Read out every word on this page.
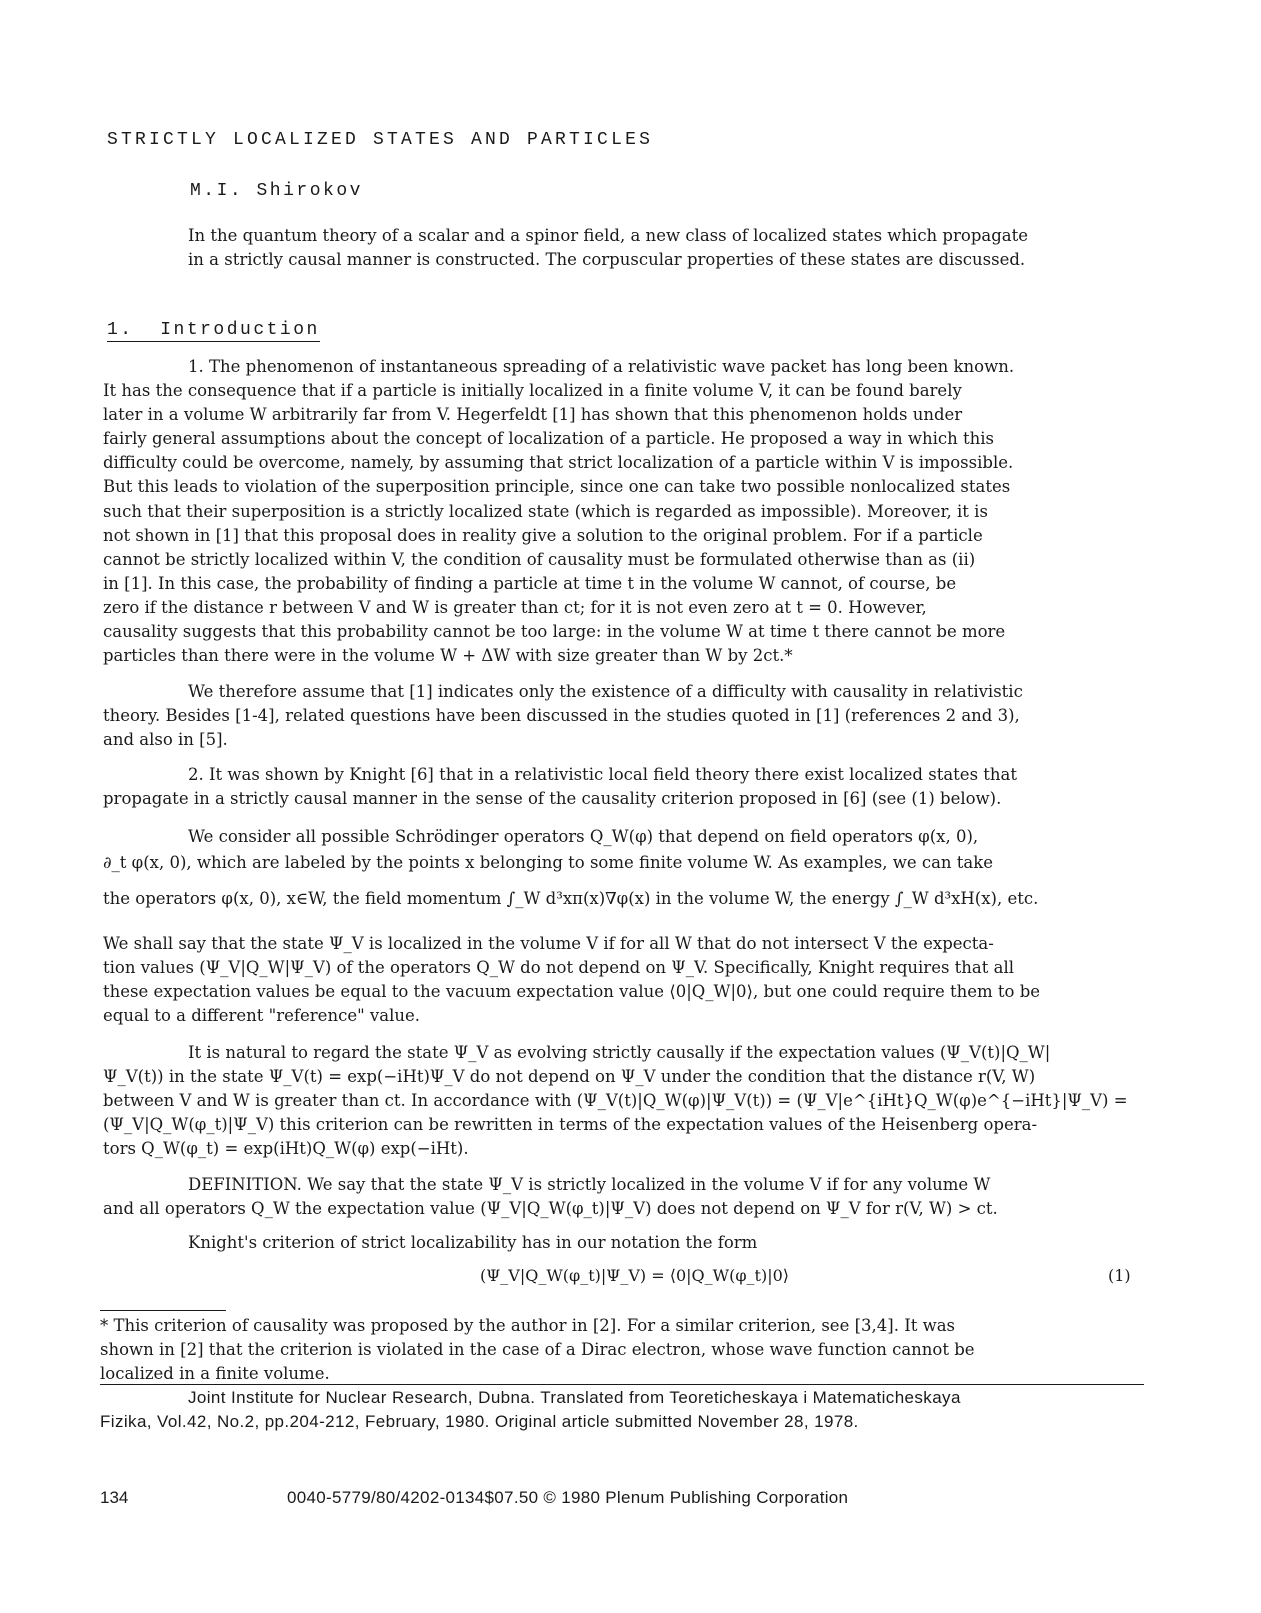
STRICTLY LOCALIZED STATES AND PARTICLES
M.I. Shirokov
In the quantum theory of a scalar and a spinor field, a new class of localized states which propagate in a strictly causal manner is constructed. The corpuscular properties of these states are discussed.
1. Introduction
1. The phenomenon of instantaneous spreading of a relativistic wave packet has long been known.
It has the consequence that if a particle is initially localized in a finite volume V, it can be found barely
later in a volume W arbitrarily far from V. Hegerfeldt [1] has shown that this phenomenon holds under
fairly general assumptions about the concept of localization of a particle. He proposed a way in which this
difficulty could be overcome, namely, by assuming that strict localization of a particle within V is impossible.
But this leads to violation of the superposition principle, since one can take two possible nonlocalized states
such that their superposition is a strictly localized state (which is regarded as impossible). Moreover, it is
not shown in [1] that this proposal does in reality give a solution to the original problem. For if a particle
cannot be strictly localized within V, the condition of causality must be formulated otherwise than as (ii)
in [1]. In this case, the probability of finding a particle at time t in the volume W cannot, of course, be
zero if the distance r between V and W is greater than ct; for it is not even zero at t = 0. However,
causality suggests that this probability cannot be too large: in the volume W at time t there cannot be more
particles than there were in the volume W + ΔW with size greater than W by 2ct.*
We therefore assume that [1] indicates only the existence of a difficulty with causality in relativistic
theory. Besides [1-4], related questions have been discussed in the studies quoted in [1] (references 2 and 3),
and also in [5].
2. It was shown by Knight [6] that in a relativistic local field theory there exist localized states that
propagate in a strictly causal manner in the sense of the causality criterion proposed in [6] (see (1) below).
We consider all possible Schrödinger operators Q_W(φ) that depend on field operators φ(x, 0),
∂_t φ(x, 0), which are labeled by the points x belonging to some finite volume W. As examples, we can take
the operators φ(x, 0), x∈W, the field momentum ∫_W d³xπ(x)∇φ(x) in the volume W, the energy ∫_W d³xH(x), etc.
We shall say that the state Ψ_V is localized in the volume V if for all W that do not intersect V the expecta-
tion values (Ψ_V|Q_W|Ψ_V) of the operators Q_W do not depend on Ψ_V. Specifically, Knight requires that all
these expectation values be equal to the vacuum expectation value ⟨0|Q_W|0⟩, but one could require them to be
equal to a different "reference" value.
It is natural to regard the state Ψ_V as evolving strictly causally if the expectation values (Ψ_V(t)|Q_W|
Ψ_V(t)) in the state Ψ_V(t) = exp(−iHt)Ψ_V do not depend on Ψ_V under the condition that the distance r(V, W)
between V and W is greater than ct. In accordance with (Ψ_V(t)|Q_W(φ)|Ψ_V(t)) = (Ψ_V|e^{iHt}Q_W(φ)e^{−iHt}|Ψ_V) =
(Ψ_V|Q_W(φ_t)|Ψ_V) this criterion can be rewritten in terms of the expectation values of the Heisenberg opera-
tors Q_W(φ_t) = exp(iHt)Q_W(φ) exp(−iHt).
DEFINITION. We say that the state Ψ_V is strictly localized in the volume V if for any volume W
and all operators Q_W the expectation value (Ψ_V|Q_W(φ_t)|Ψ_V) does not depend on Ψ_V for r(V, W) > ct.
Knight's criterion of strict localizability has in our notation the form
(Ψ_V|Q_W(φ_t)|Ψ_V) = ⟨0|Q_W(φ_t)|0⟩	(1)
* This criterion of causality was proposed by the author in [2]. For a similar criterion, see [3,4]. It was
shown in [2] that the criterion is violated in the case of a Dirac electron, whose wave function cannot be
localized in a finite volume.
Joint Institute for Nuclear Research, Dubna. Translated from Teoreticheskaya i Matematicheskaya
Fizika, Vol.42, No.2, pp.204-212, February, 1980. Original article submitted November 28, 1978.
134	0040-5779/80/4202-0134$07.50 © 1980 Plenum Publishing Corporation
